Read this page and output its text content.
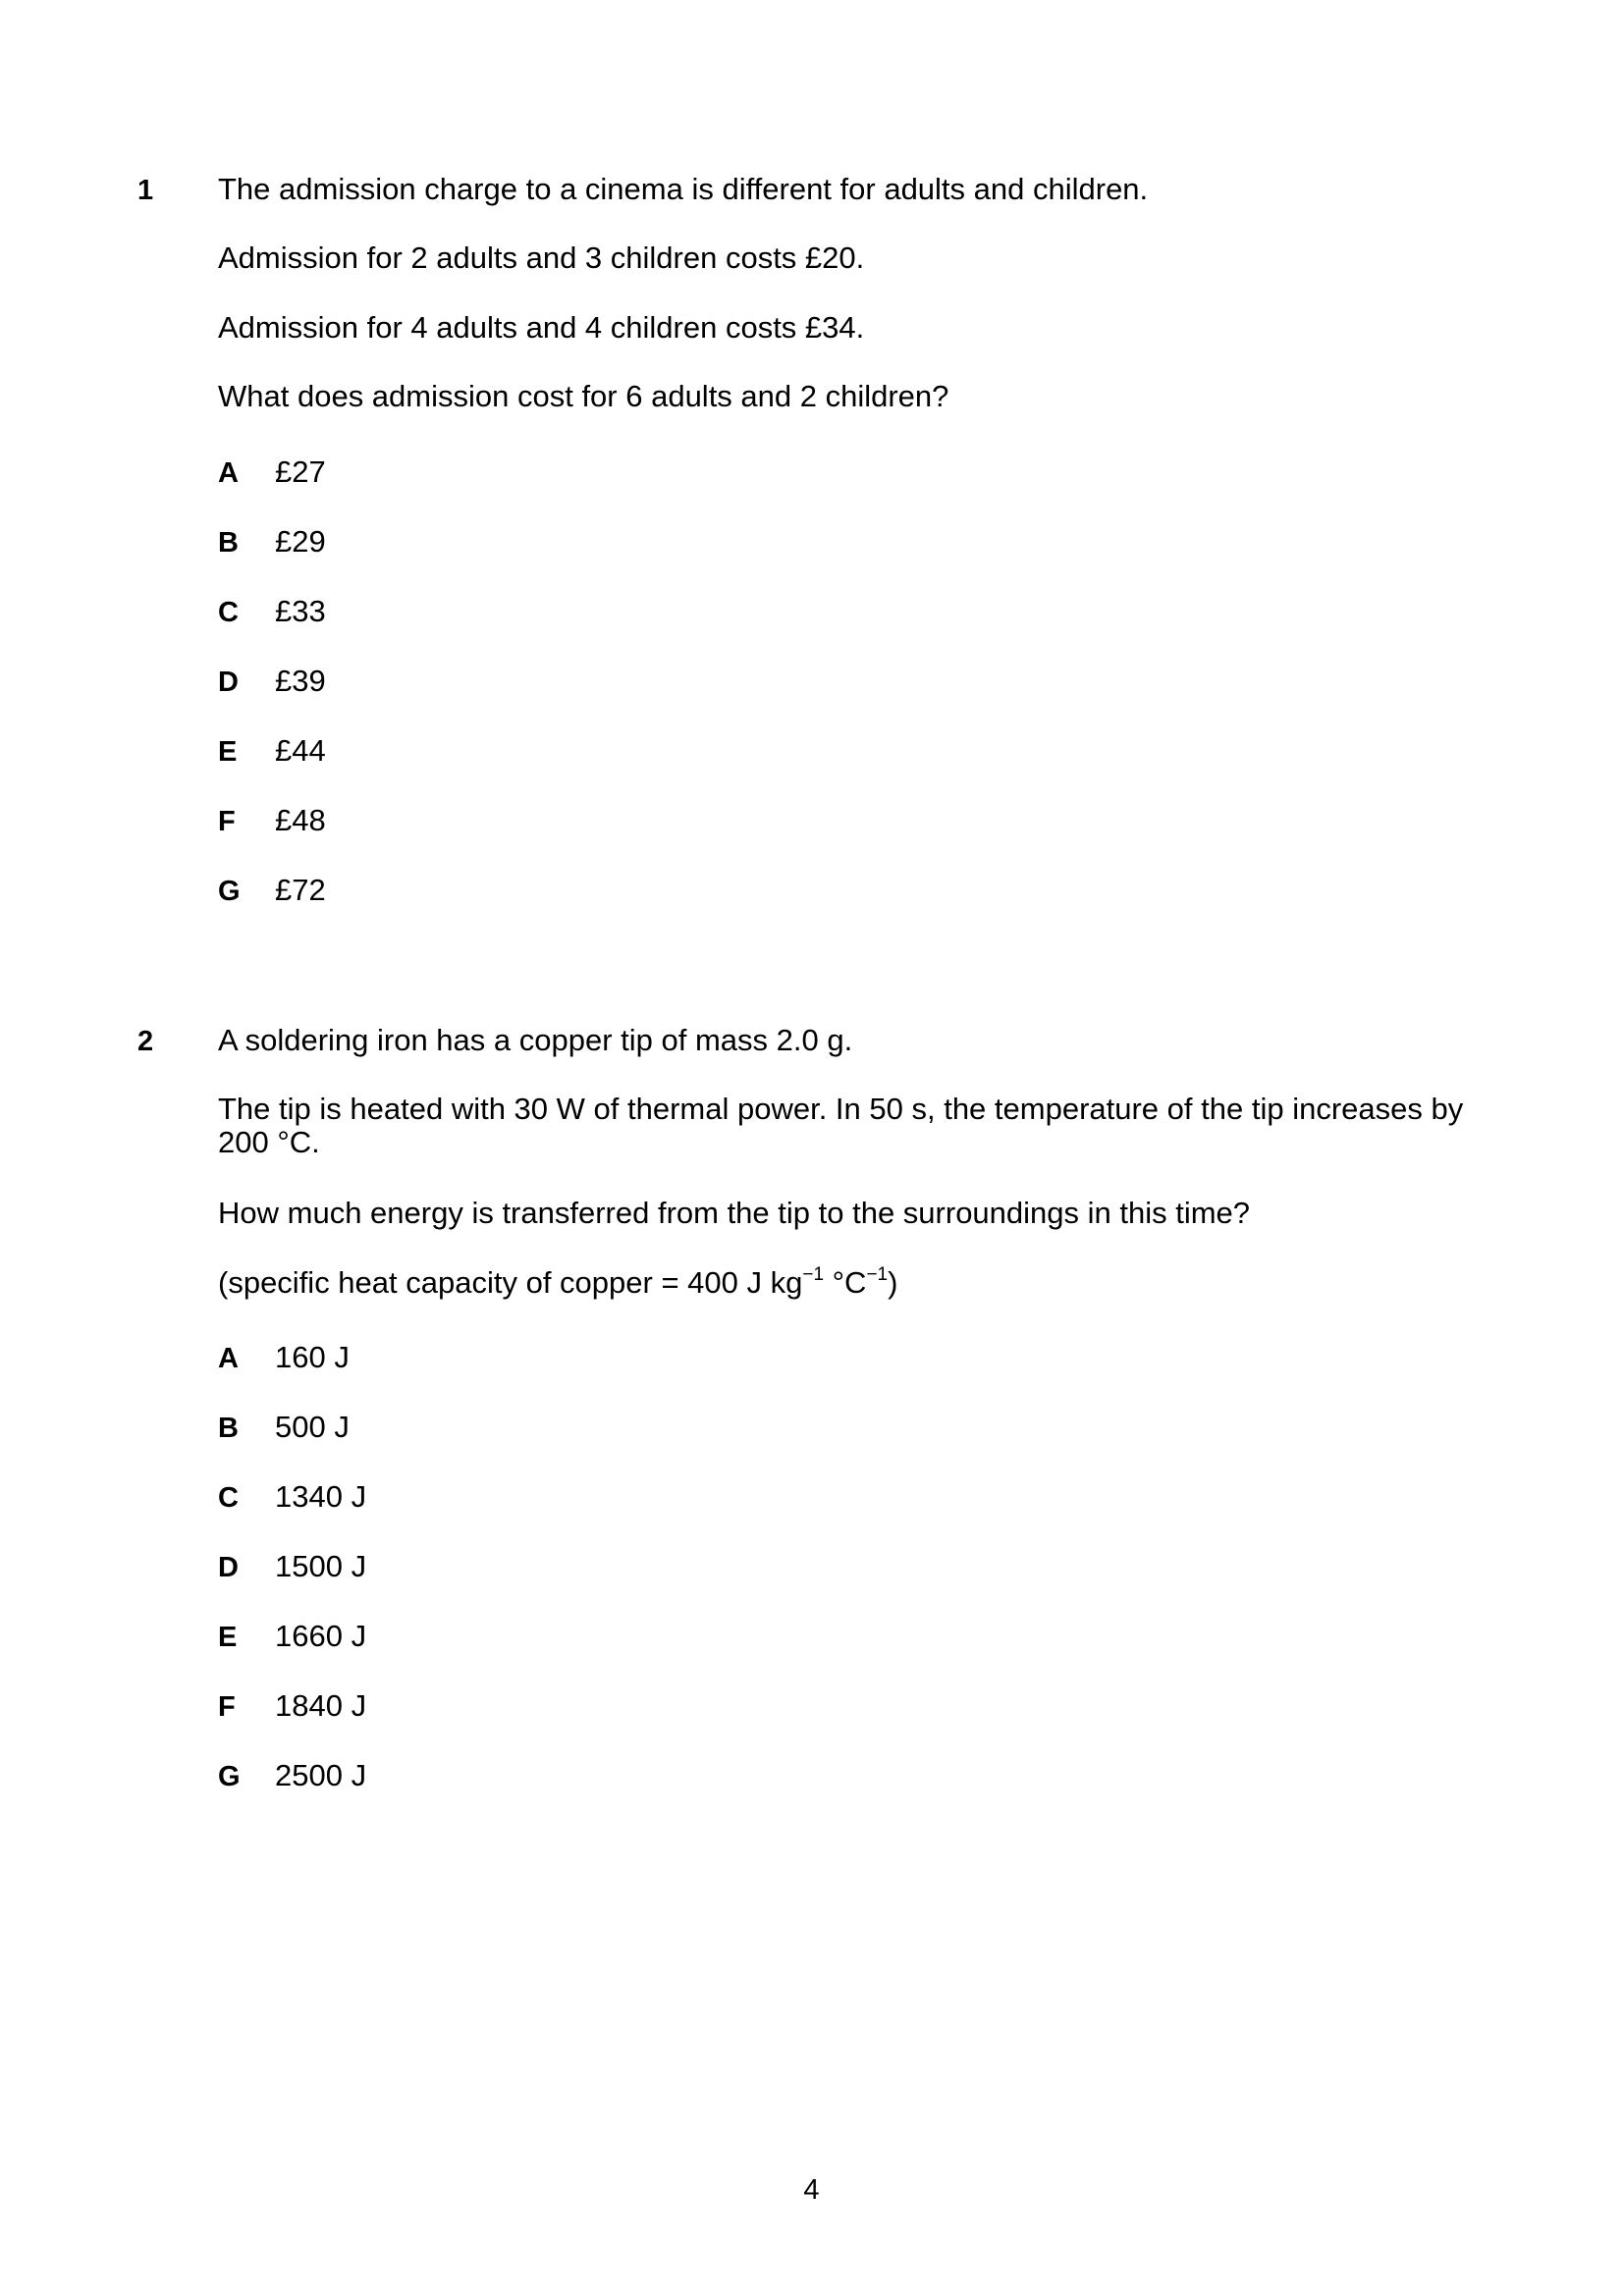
1 The admission charge to a cinema is different for adults and children.
Admission for 2 adults and 3 children costs £20.
Admission for 4 adults and 4 children costs £34.
What does admission cost for 6 adults and 2 children?
A £27
B £29
C £33
D £39
E £44
F £48
G £72
2 A soldering iron has a copper tip of mass 2.0 g.
The tip is heated with 30 W of thermal power. In 50 s, the temperature of the tip increases by 200 °C.
How much energy is transferred from the tip to the surroundings in this time?
(specific heat capacity of copper = 400 J $kg^{-1}$ $^\circ C^{-1}$)
A 160 J
B 500 J
C 1340 J
D 1500 J
E 1660 J
F 1840 J
G 2500 J
4
